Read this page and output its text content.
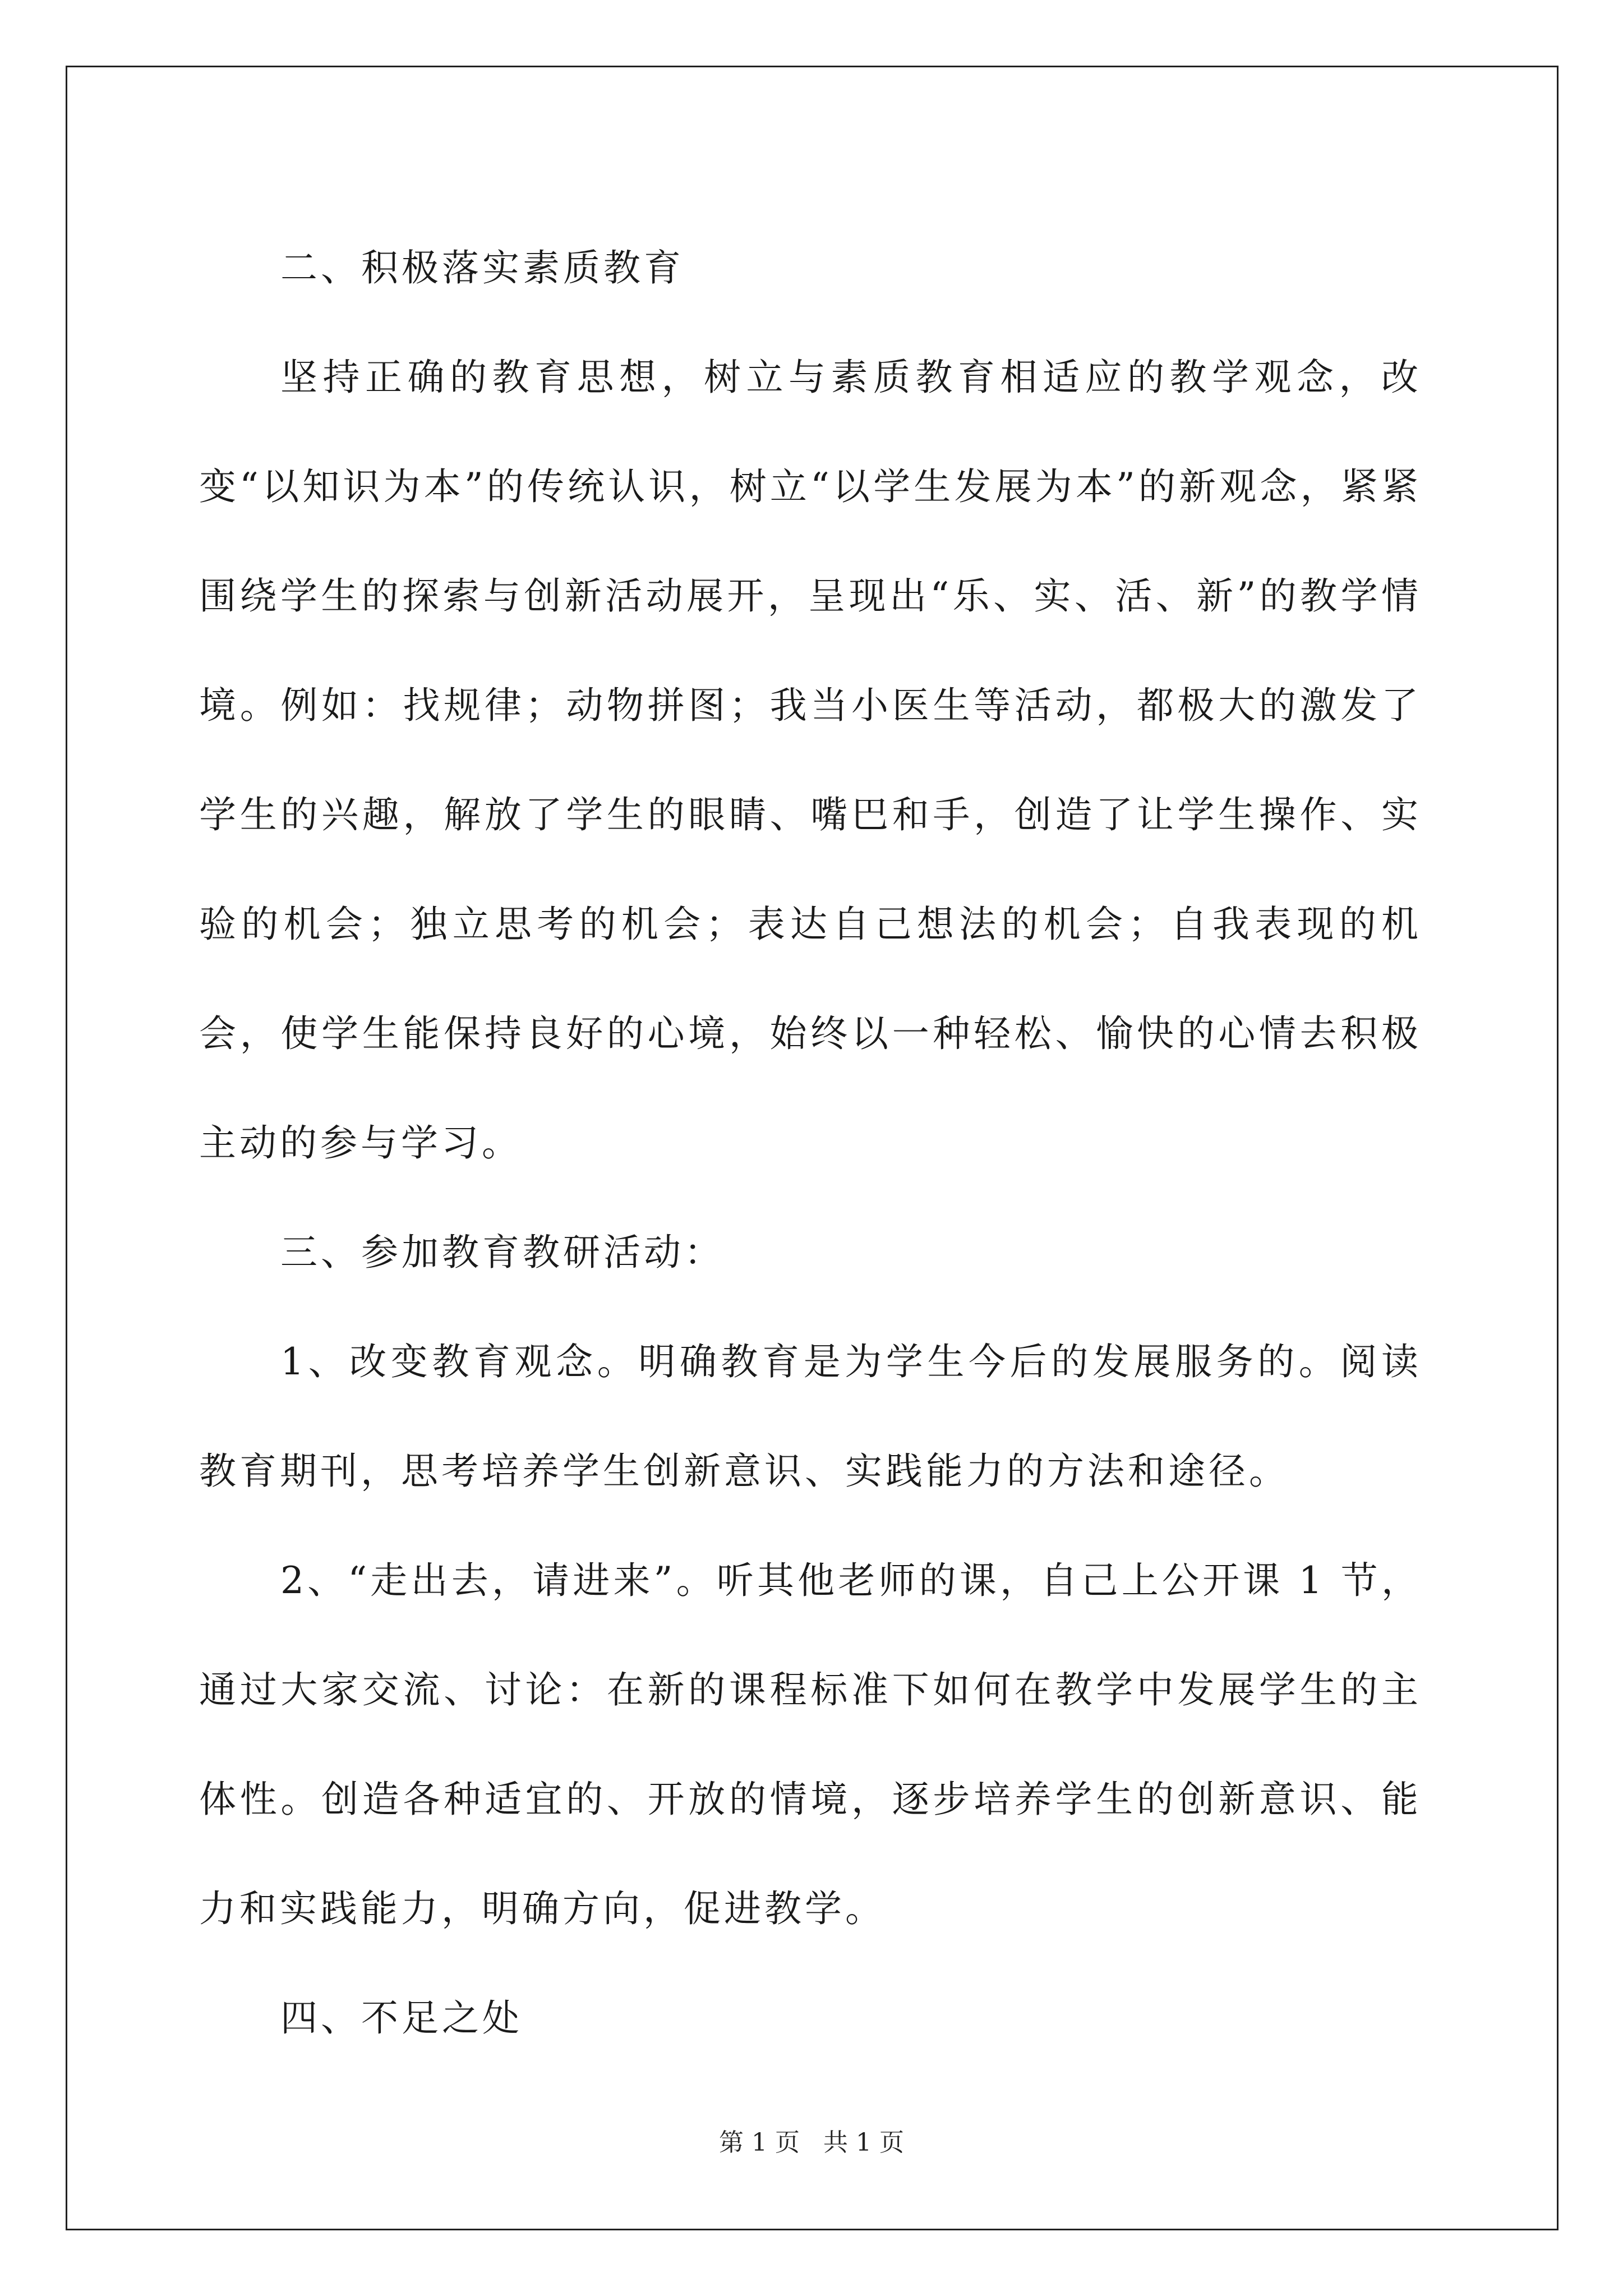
二、积极落实素质教育

坚持正确的教育思想，树立与素质教育相适应的教学观念，改变“以知识为本”的传统认识，树立“以学生发展为本”的新观念，紧紧围绕学生的探索与创新活动展开，呈现出“乐、实、活、新”的教学情境。例如：找规律；动物拼图；我当小医生等活动，都极大的激发了学生的兴趣，解放了学生的眼睛、嘴巴和手，创造了让学生操作、实验的机会；独立思考的机会；表达自己想法的机会；自我表现的机会，使学生能保持良好的心境，始终以一种轻松、愉快的心情去积极主动的参与学习。

三、参加教育教研活动：

1、改变教育观念。明确教育是为学生今后的发展服务的。阅读教育期刊，思考培养学生创新意识、实践能力的方法和途径。

2、“走出去，请进来”。听其他老师的课，自己上公开课 1 节，通过大家交流、讨论：在新的课程标准下如何在教学中发展学生的主体性。创造各种适宜的、开放的情境，逐步培养学生的创新意识、能力和实践能力，明确方向，促进教学。

四、不足之处

第 1 页   共 1 页
